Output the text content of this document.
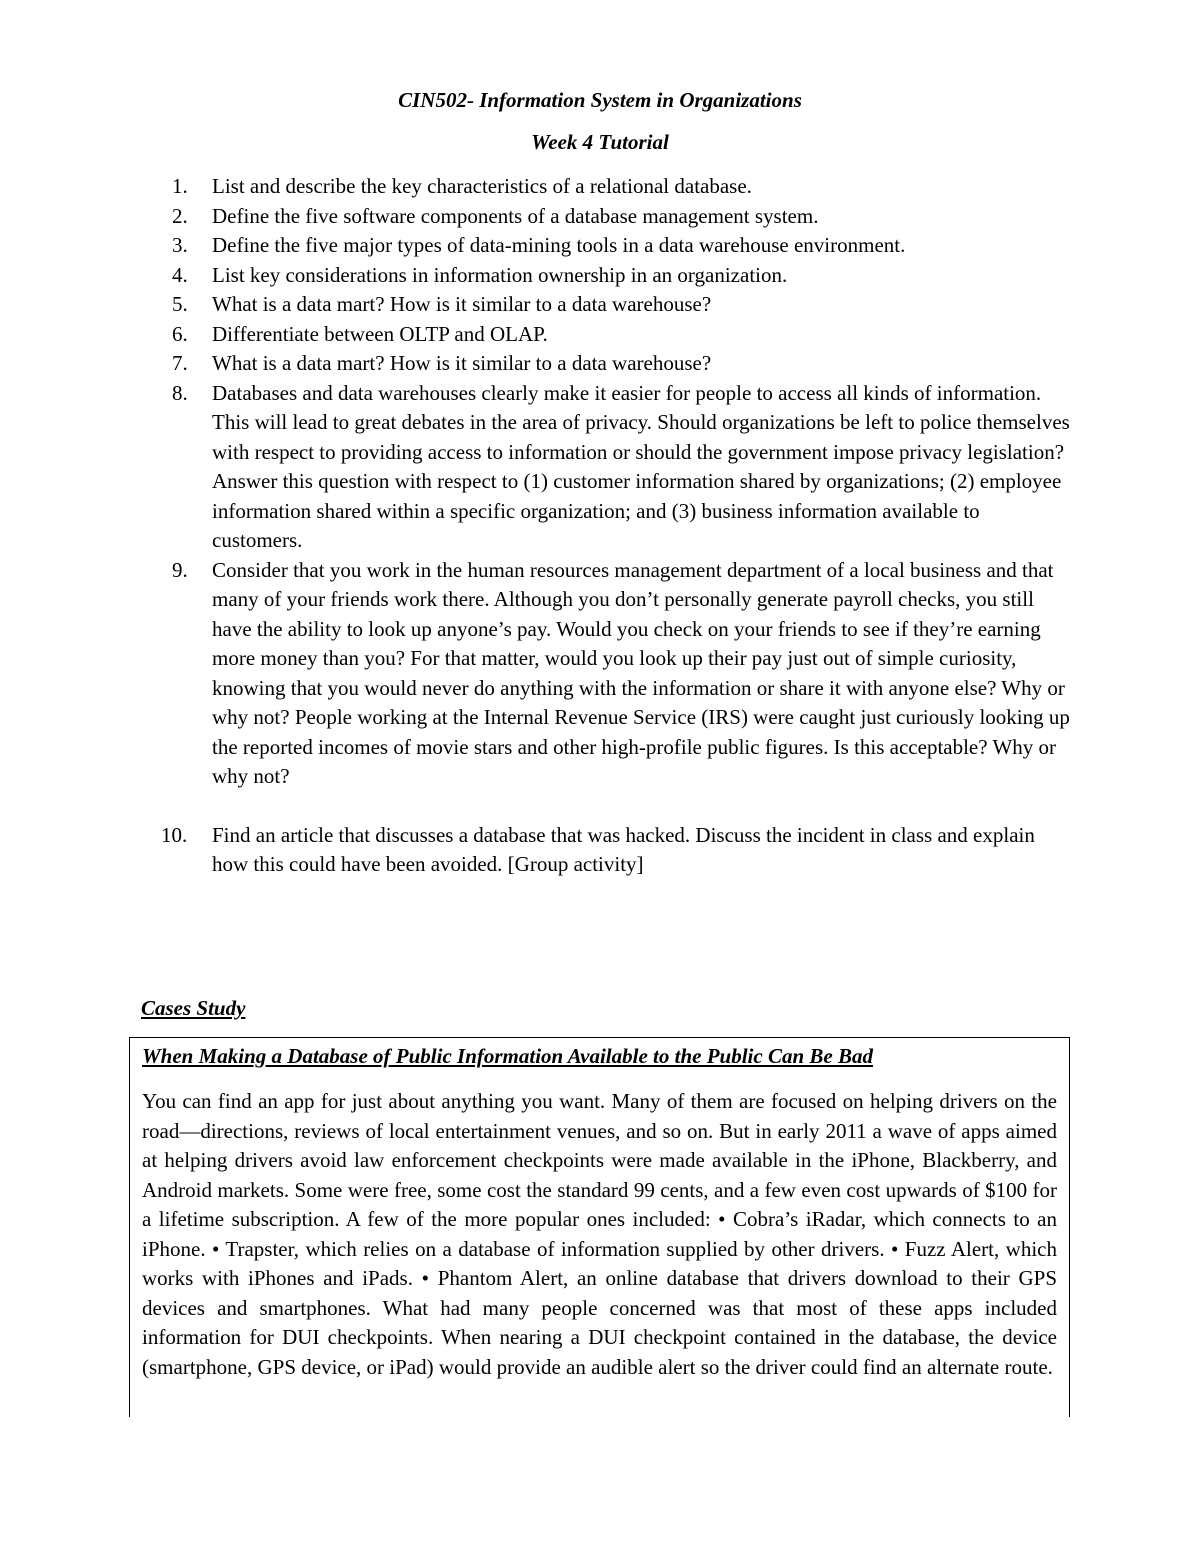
CIN502- Information System in Organizations
Week 4 Tutorial
1.	List and describe the key characteristics of a relational database.
2.	Define the five software components of a database management system.
3.	Define the five major types of data-mining tools in a data warehouse environment.
4.	List key considerations in information ownership in an organization.
5.	What is a data mart? How is it similar to a data warehouse?
6.	Differentiate between OLTP and OLAP.
7.	What is a data mart? How is it similar to a data warehouse?
8.	Databases and data warehouses clearly make it easier for people to access all kinds of information. This will lead to great debates in the area of privacy. Should organizations be left to police themselves with respect to providing access to information or should the government impose privacy legislation? Answer this question with respect to (1) customer information shared by organizations; (2) employee information shared within a specific organization; and (3) business information available to customers.
9.	Consider that you work in the human resources management department of a local business and that many of your friends work there. Although you don’t personally generate payroll checks, you still have the ability to look up anyone’s pay. Would you check on your friends to see if they’re earning more money than you? For that matter, would you look up their pay just out of simple curiosity, knowing that you would never do anything with the information or share it with anyone else? Why or why not? People working at the Internal Revenue Service (IRS) were caught just curiously looking up the reported incomes of movie stars and other high-profile public figures. Is this acceptable? Why or why not?
10.	Find an article that discusses a database that was hacked. Discuss the incident in class and explain how this could have been avoided. [Group activity]
Cases Study
When Making a Database of Public Information Available to the Public Can Be Bad

You can find an app for just about anything you want. Many of them are focused on helping drivers on the road—directions, reviews of local entertainment venues, and so on. But in early 2011 a wave of apps aimed at helping drivers avoid law enforcement checkpoints were made available in the iPhone, Blackberry, and Android markets. Some were free, some cost the standard 99 cents, and a few even cost upwards of $100 for a lifetime subscription. A few of the more popular ones included: • Cobra’s iRadar, which connects to an iPhone. • Trapster, which relies on a database of information supplied by other drivers. • Fuzz Alert, which works with iPhones and iPads. • Phantom Alert, an online database that drivers download to their GPS devices and smartphones. What had many people concerned was that most of these apps included information for DUI checkpoints. When nearing a DUI checkpoint contained in the database, the device (smartphone, GPS device, or iPad) would provide an audible alert so the driver could find an alternate route.
